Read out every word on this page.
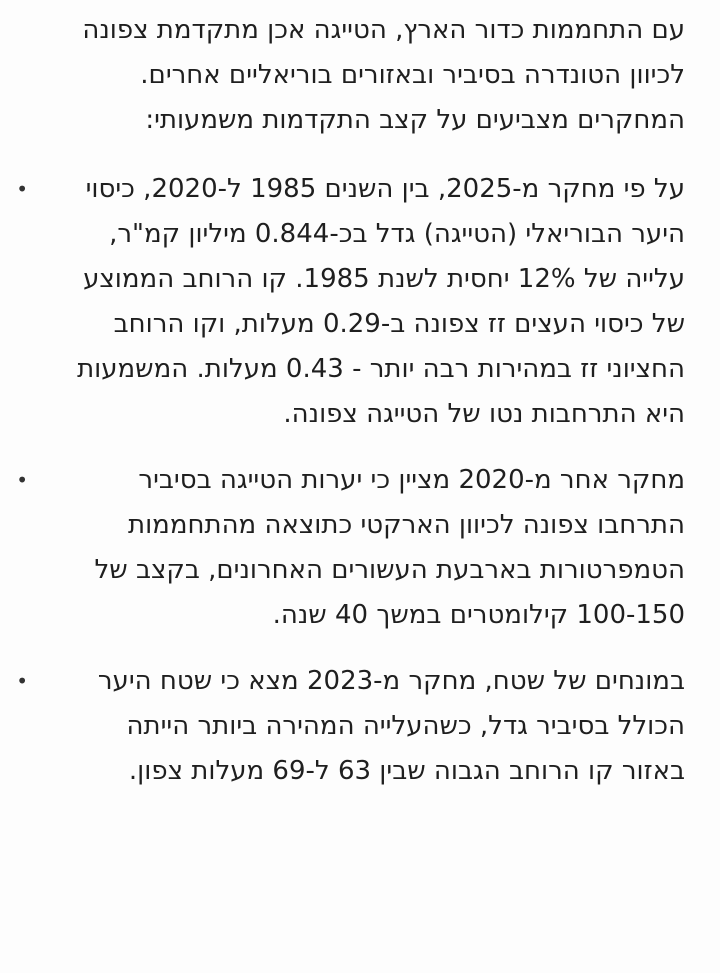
עם התחממות כדור הארץ, הטייגה אכן מתקדמת צפונה לכיוון הטונדרה בסיביר ובאזורים בוריאליים אחרים. המחקרים מצביעים על קצב התקדמות משמעותי:

•	על פי מחקר מ-2025, בין השנים 1985 ל-2020, כיסוי היער הבוריאלי (הטייגה) גדל בכ-0.844 מיליון קמ"ר, עלייה של 12% יחסית לשנת 1985. קו הרוחב הממוצע של כיסוי העצים זז צפונה ב-0.29 מעלות, וקו הרוחב החציוני זז במהירות רבה יותר - 0.43 מעלות. המשמעות היא התרחבות נטו של הטייגה צפונה.
•	מחקר אחר מ-2020 מציין כי יערות הטייגה בסיביר התרחבו צפונה לכיוון הארקטי כתוצאה מהתחממות הטמפרטורות בארבעת העשורים האחרונים, בקצב של 100-150 קילומטרים במשך 40 שנה.
•	במונחים של שטח, מחקר מ-2023 מצא כי שטח היער הכולל בסיביר גדל, כשהעלייה המהירה ביותר הייתה באזור קו הרוחב הגבוה שבין 63 ל-69 מעלות צפון.
